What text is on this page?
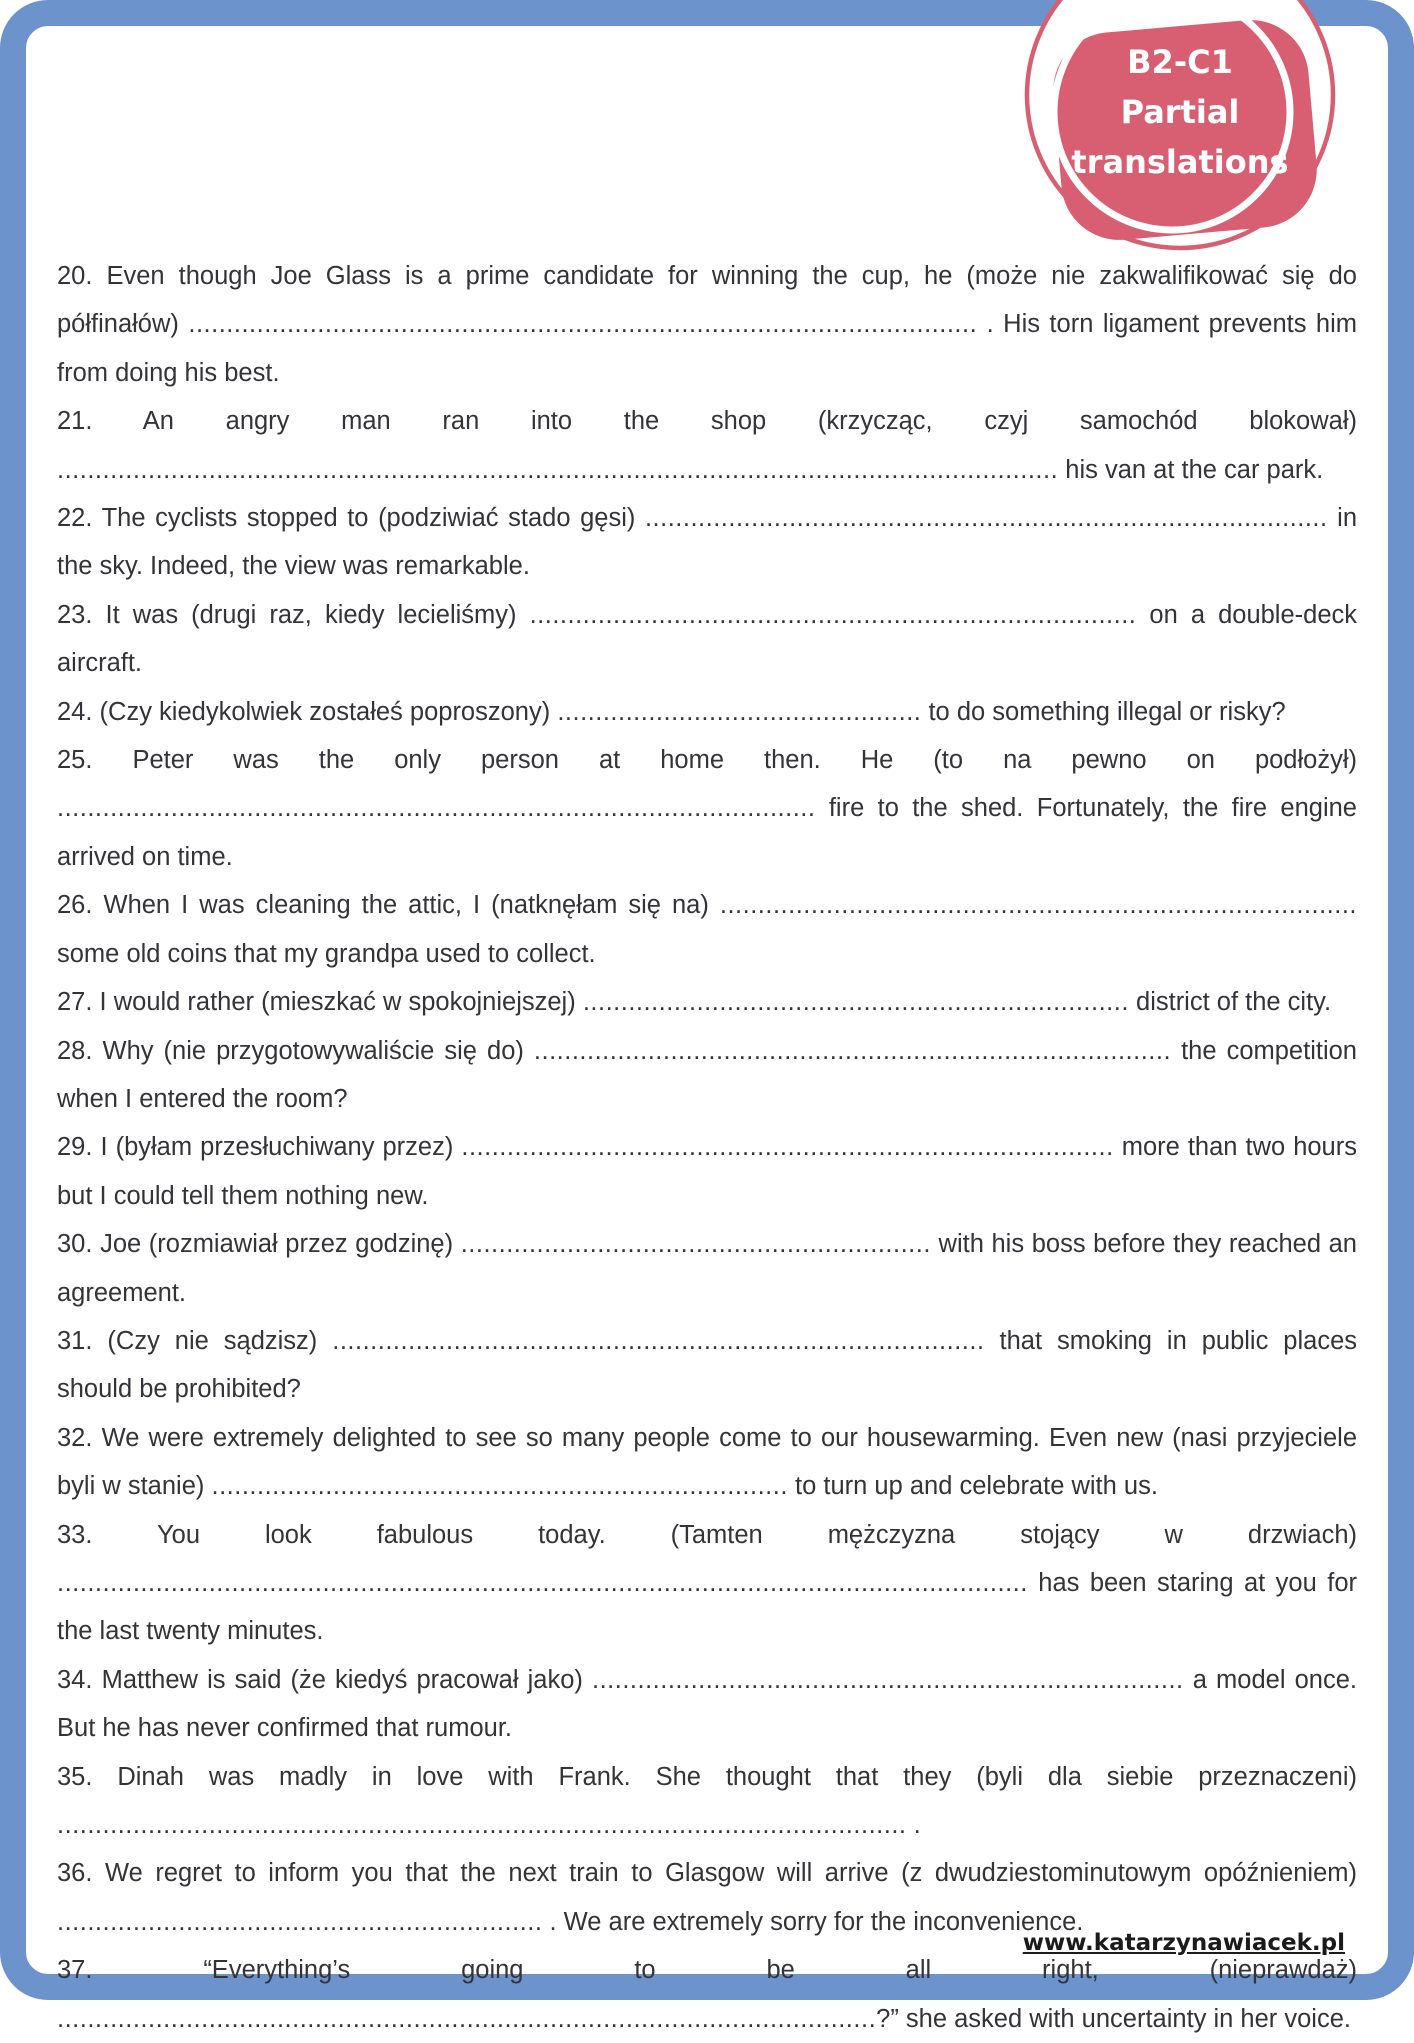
B2-C1
Partial
translations

20. Even though Joe Glass is a prime candidate for winning the cup, he (może nie zakwalifikować się do półfinałów) ........................................................................................................ . His torn ligament prevents him from doing his best.

21. An angry man ran into the shop (krzycząc, czyj samochód blokował) .................................................................................................................................... his van at the car park.

22. The cyclists stopped to (podziwiać stado gęsi) .......................................................................................... in the sky. Indeed, the view was remarkable.

23. It was (drugi raz, kiedy lecieliśmy) ................................................................................ on a double-deck aircraft.

24. (Czy kiedykolwiek zostałeś poproszony) ................................................ to do something illegal or risky?

25. Peter was the only person at home then. He (to na pewno on podłożył) .................................................................................................... fire to the shed. Fortunately, the fire engine arrived on time.

26. When I was cleaning the attic, I (natknęłam się na) .................................................................................... some old coins that my grandpa used to collect.

27. I would rather (mieszkać w spokojniejszej) ........................................................................ district of the city.

28. Why (nie przygotowywaliście się do) .................................................................................... the competition when I entered the room?

29. I (byłam przesłuchiwany przez) ...................................................................................... more than two hours but I could tell them nothing new.

30. Joe (rozmiawiał przez godzinę) .............................................................. with his boss before they reached an agreement.

31. (Czy nie sądzisz) ...................................................................................... that smoking in public places should be prohibited?

32. We were extremely delighted to see so many people come to our housewarming. Even new (nasi przyjeciele byli w stanie) ............................................................................ to turn up and celebrate with us.

33.	You look fabulous today. (Tamten mężczyzna stojący w drzwiach) ................................................................................................................................ has been staring at you for the last twenty minutes.

34. Matthew is said (że kiedyś pracował jako) .............................................................................. a model once. But he has never confirmed that rumour.

35. Dinah was madly in love with Frank. She thought that they (byli dla siebie przeznaczeni) ................................................................................................................ .

36. We regret to inform you that the next train to Glasgow will arrive (z dwudziestominutowym opóźnieniem) ................................................................ . We are extremely sorry for the inconvenience.

37.	“Everything’s going to be all right, (nieprawdaż) ............................................................................................................?” she asked with uncertainty in her voice.

www.katarzynawiacek.pl
